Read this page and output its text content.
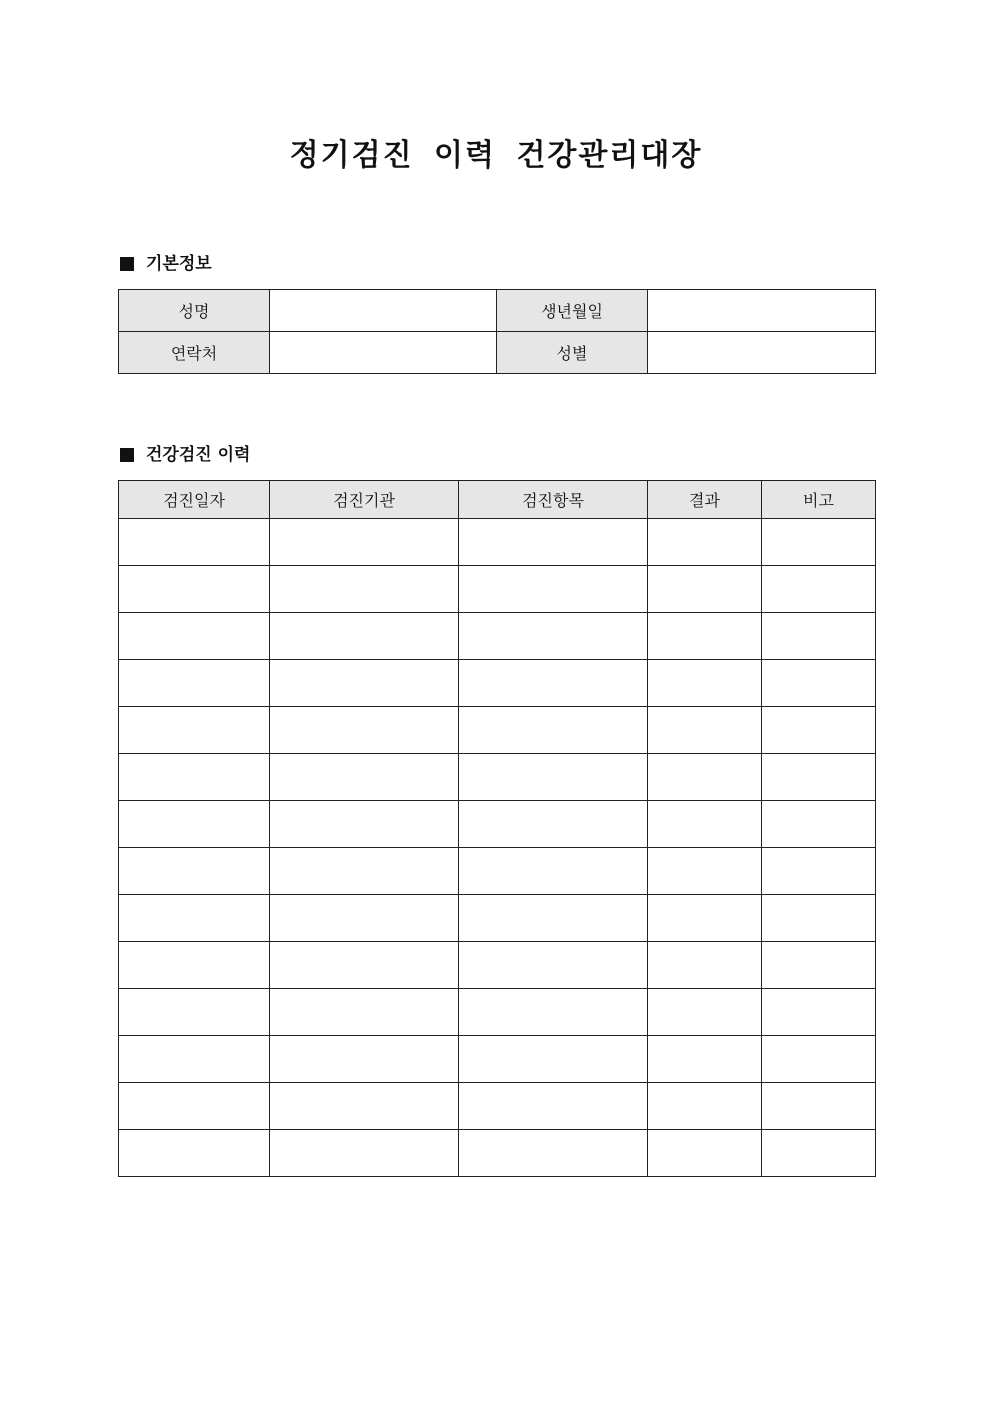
정기검진 이력 건강관리대장
기본정보
성명		생년월일	
연락처		성별	
건강검진 이력
검진일자	검진기관	검진항목	결과	비고
